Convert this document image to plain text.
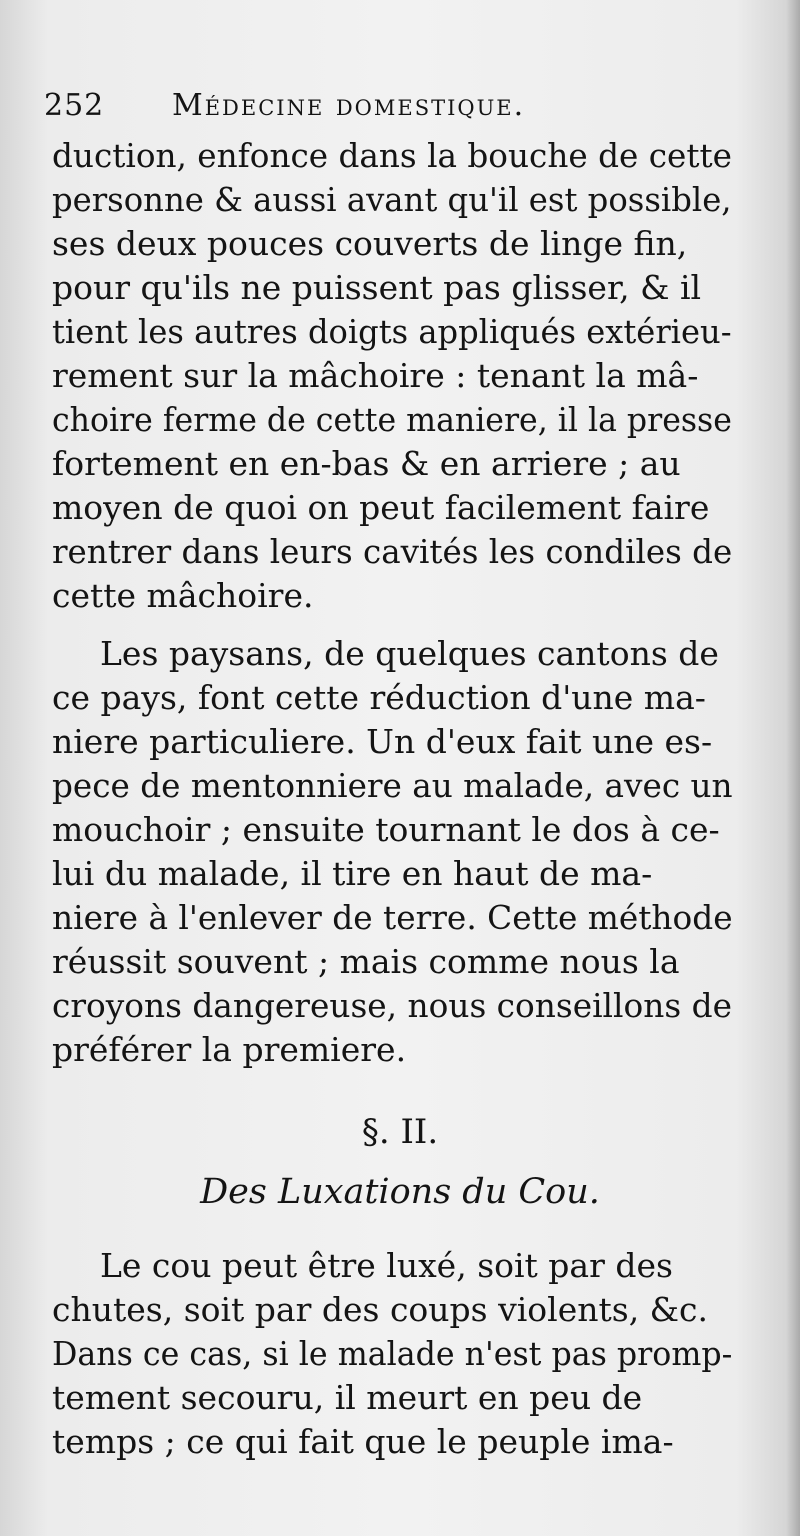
252 Médecine domestique.
duction, enfonce dans la bouche de cette
personne & aussi avant qu'il est possible,
ses deux pouces couverts de linge fin,
pour qu'ils ne puissent pas glisser, & il
tient les autres doigts appliqués extérieu-
rement sur la mâchoire : tenant la mâ-
choire ferme de cette maniere, il la presse
fortement en en-bas & en arriere ; au
moyen de quoi on peut facilement faire
rentrer dans leurs cavités les condiles de
cette mâchoire.
Les paysans, de quelques cantons de
ce pays, font cette réduction d'une ma-
niere particuliere. Un d'eux fait une es-
pece de mentonniere au malade, avec un
mouchoir ; ensuite tournant le dos à ce-
lui du malade, il tire en haut de ma-
niere à l'enlever de terre. Cette méthode
réussit souvent ; mais comme nous la
croyons dangereuse, nous conseillons de
préférer la premiere.
§. II.
Des Luxations du Cou.
Le cou peut être luxé, soit par des
chutes, soit par des coups violents, &c.
Dans ce cas, si le malade n'est pas promp-
tement secouru, il meurt en peu de
temps ; ce qui fait que le peuple ima-
